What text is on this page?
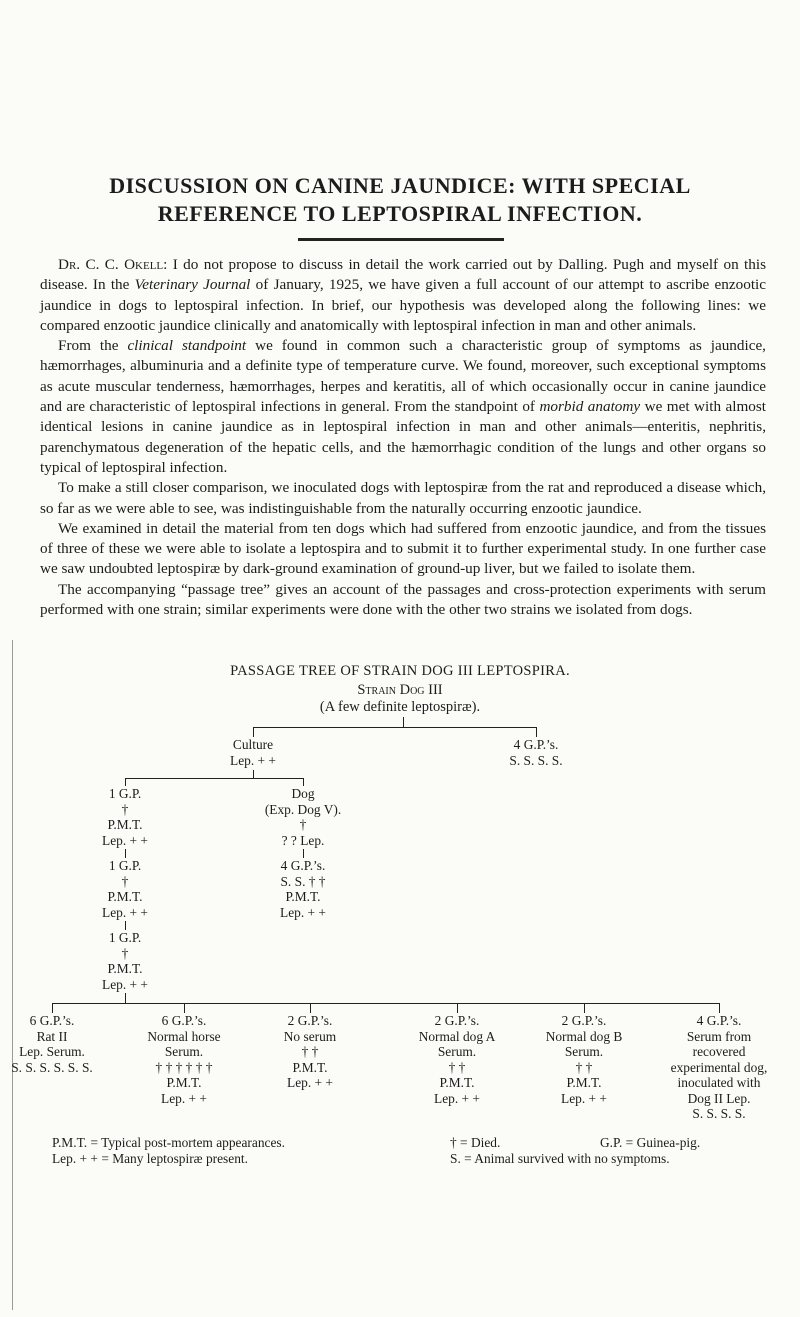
DISCUSSION ON CANINE JAUNDICE: WITH SPECIAL
REFERENCE TO LEPTOSPIRAL INFECTION.

Dr. C. C. Okell: I do not propose to discuss in detail the work carried out by Dalling. Pugh and myself on this disease. In the Veterinary Journal of January, 1925, we have given a full account of our attempt to ascribe enzootic jaundice in dogs to leptospiral infection. In brief, our hypothesis was developed along the following lines: we compared enzootic jaundice clinically and anatomically with leptospiral infection in man and other animals.

From the clinical standpoint we found in common such a characteristic group of symptoms as jaundice, hæmorrhages, albuminuria and a definite type of temperature curve. We found, moreover, such exceptional symptoms as acute muscular tenderness, hæmorrhages, herpes and keratitis, all of which occasionally occur in canine jaundice and are characteristic of leptospiral infections in general. From the standpoint of morbid anatomy we met with almost identical lesions in canine jaundice as in leptospiral infection in man and other animals—enteritis, nephritis, parenchymatous degeneration of the hepatic cells, and the hæmorrhagic condition of the lungs and other organs so typical of leptospiral infection.

To make a still closer comparison, we inoculated dogs with leptospiræ from the rat and reproduced a disease which, so far as we were able to see, was indistinguishable from the naturally occurring enzootic jaundice.

We examined in detail the material from ten dogs which had suffered from enzootic jaundice, and from the tissues of three of these we were able to isolate a leptospira and to submit it to further experimental study. In one further case we saw undoubted leptospiræ by dark-ground examination of ground-up liver, but we failed to isolate them.

The accompanying “passage tree” gives an account of the passages and cross-protection experiments with serum performed with one strain; similar experiments were done with the other two strains we isolated from dogs.

PASSAGE TREE OF STRAIN DOG III LEPTOSPIRA.
Strain Dog III
(A few definite leptospiræ).
Culture
Lep. + +
4 G.P.’s.
S. S. S. S.
1 G.P.
†
P.M.T.
Lep. + +
1 G.P.
†
P.M.T.
Lep. + +
1 G.P.
†
P.M.T.
Lep. + +
Dog
(Exp. Dog V).
†
? ? Lep.
4 G.P.’s.
S. S. † †
P.M.T.
Lep. + +
6 G.P.’s.
Rat II
Lep. Serum.
S. S. S. S. S. S.
6 G.P.’s.
Normal horse
Serum.
† † † † † †
P.M.T.
Lep. + +
2 G.P.’s.
No serum
† †
P.M.T.
Lep. + +
2 G.P.’s.
Normal dog A
Serum.
† †
P.M.T.
Lep. + +
2 G.P.’s.
Normal dog B
Serum.
† †
P.M.T.
Lep. + +
4 G.P.’s.
Serum from
recovered
experimental dog,
inoculated with
Dog II Lep.
S. S. S. S.
P.M.T. = Typical post-mortem appearances.
Lep. + + = Many leptospiræ present.
† = Died.	G.P. = Guinea-pig.
S. = Animal survived with no symptoms.
